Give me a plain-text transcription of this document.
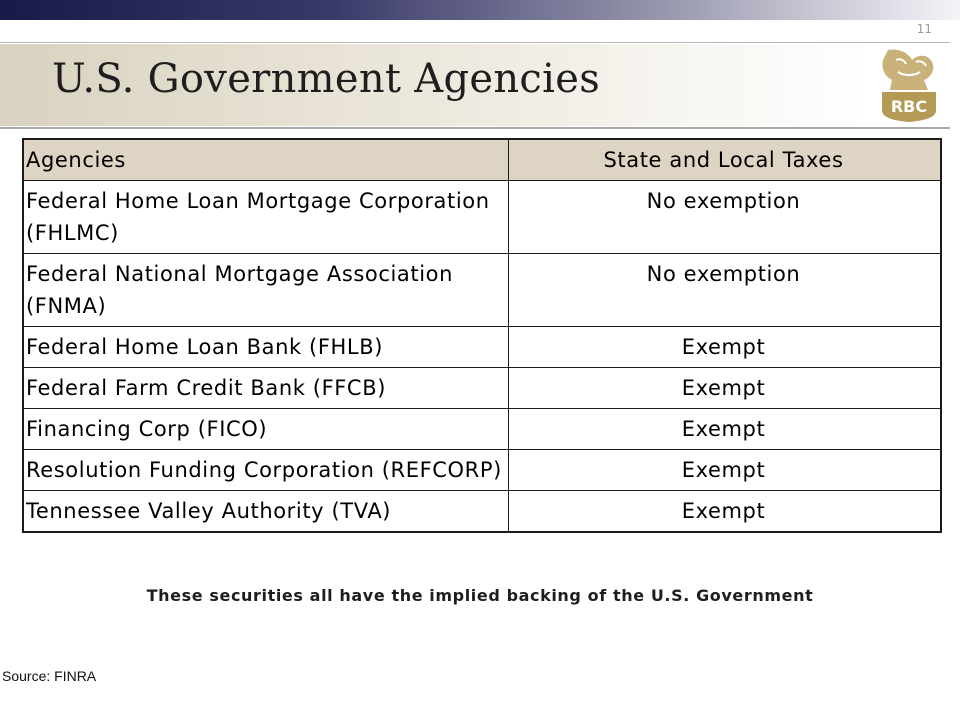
11
U.S. Government Agencies
RBC
Agencies	State and Local Taxes
Federal Home Loan Mortgage Corporation (FHLMC)	No exemption
Federal National Mortgage Association (FNMA)	No exemption
Federal Home Loan Bank (FHLB)	Exempt
Federal Farm Credit Bank (FFCB)	Exempt
Financing Corp (FICO)	Exempt
Resolution Funding Corporation (REFCORP)	Exempt
Tennessee Valley Authority (TVA)	Exempt
These securities all have the implied backing of the U.S. Government
Source: FINRA
